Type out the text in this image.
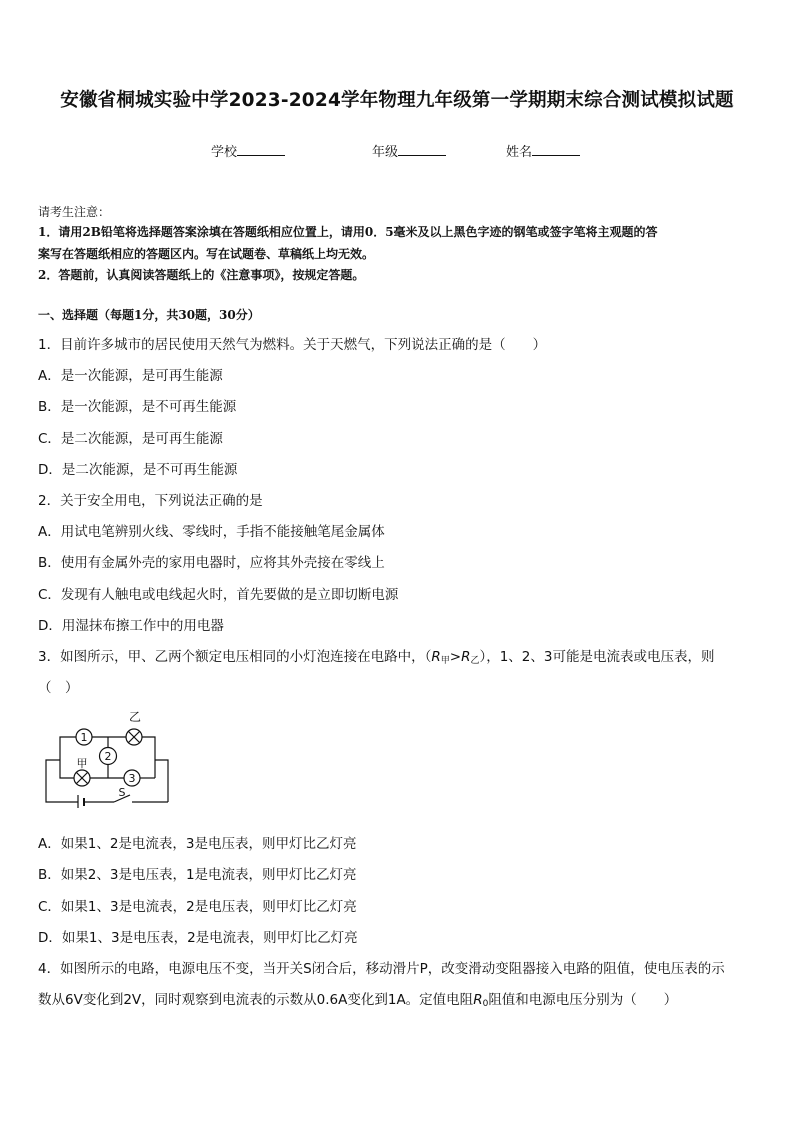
安徽省桐城实验中学2023-2024学年物理九年级第一学期期末综合测试模拟试题
学校	年级	姓名
请考生注意：
1．请用2B铅笔将选择题答案涂填在答题纸相应位置上，请用0．5毫米及以上黑色字迹的钢笔或签字笔将主观题的答
案写在答题纸相应的答题区内。写在试题卷、草稿纸上均无效。
2．答题前，认真阅读答题纸上的《注意事项》，按规定答题。
一、选择题（每题1分，共30题，30分）
1．目前许多城市的居民使用天然气为燃料。关于天燃气，下列说法正确的是（　　）
A．是一次能源，是可再生能源
B．是一次能源，是不可再生能源
C．是二次能源，是可再生能源
D．是二次能源，是不可再生能源
2．关于安全用电，下列说法正确的是
A．用试电笔辨别火线、零线时，手指不能接触笔尾金属体
B．使用有金属外壳的家用电器时，应将其外壳接在零线上
C．发现有人触电或电线起火时，首先要做的是立即切断电源
D．用湿抹布擦工作中的用电器
3．如图所示，甲、乙两个额定电压相同的小灯泡连接在电路中，$(R_甲>R_乙)$，1、2、3可能是电流表或电压表，则
（　）
1
2
3
乙
甲
S
A．如果1、2是电流表，3是电压表，则甲灯比乙灯亮
B．如果2、3是电压表，1是电流表，则甲灯比乙灯亮
C．如果1、3是电流表，2是电压表，则甲灯比乙灯亮
D．如果1、3是电压表，2是电流表，则甲灯比乙灯亮
4．如图所示的电路，电源电压不变，当开关S闭合后，移动滑片P，改变滑动变阻器接入电路的阻值，使电压表的示
数从6V变化到2V，同时观察到电流表的示数从0.6A变化到1A。定值电阻$R_0$阻值和电源电压分别为（　　）
